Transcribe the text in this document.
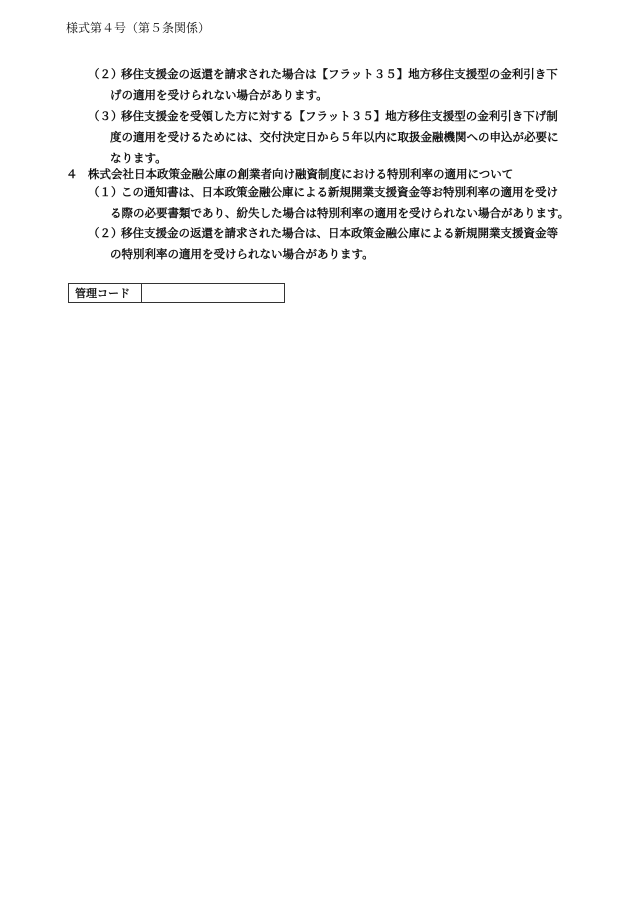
様式第４号（第５条関係）
（２）
移住支援金の返還を請求された場合は【フラット３５】地方移住支援型の金利引き下
げの適用を受けられない場合があります。
（３）
移住支援金を受領した方に対する【フラット３５】地方移住支援型の金利引き下げ制
度の適用を受けるためには、交付決定日から５年以内に取扱金融機関への申込が必要に
なります。
４ 株式会社日本政策金融公庫の創業者向け融資制度における特別利率の適用について
（１）
この通知書は、日本政策金融公庫による新規開業支援資金等お特別利率の適用を受け
る際の必要書類であり、紛失した場合は特別利率の適用を受けられない場合があります。
（２）
移住支援金の返還を請求された場合は、日本政策金融公庫による新規開業支援資金等
の特別利率の適用を受けられない場合があります。
管理コード	
